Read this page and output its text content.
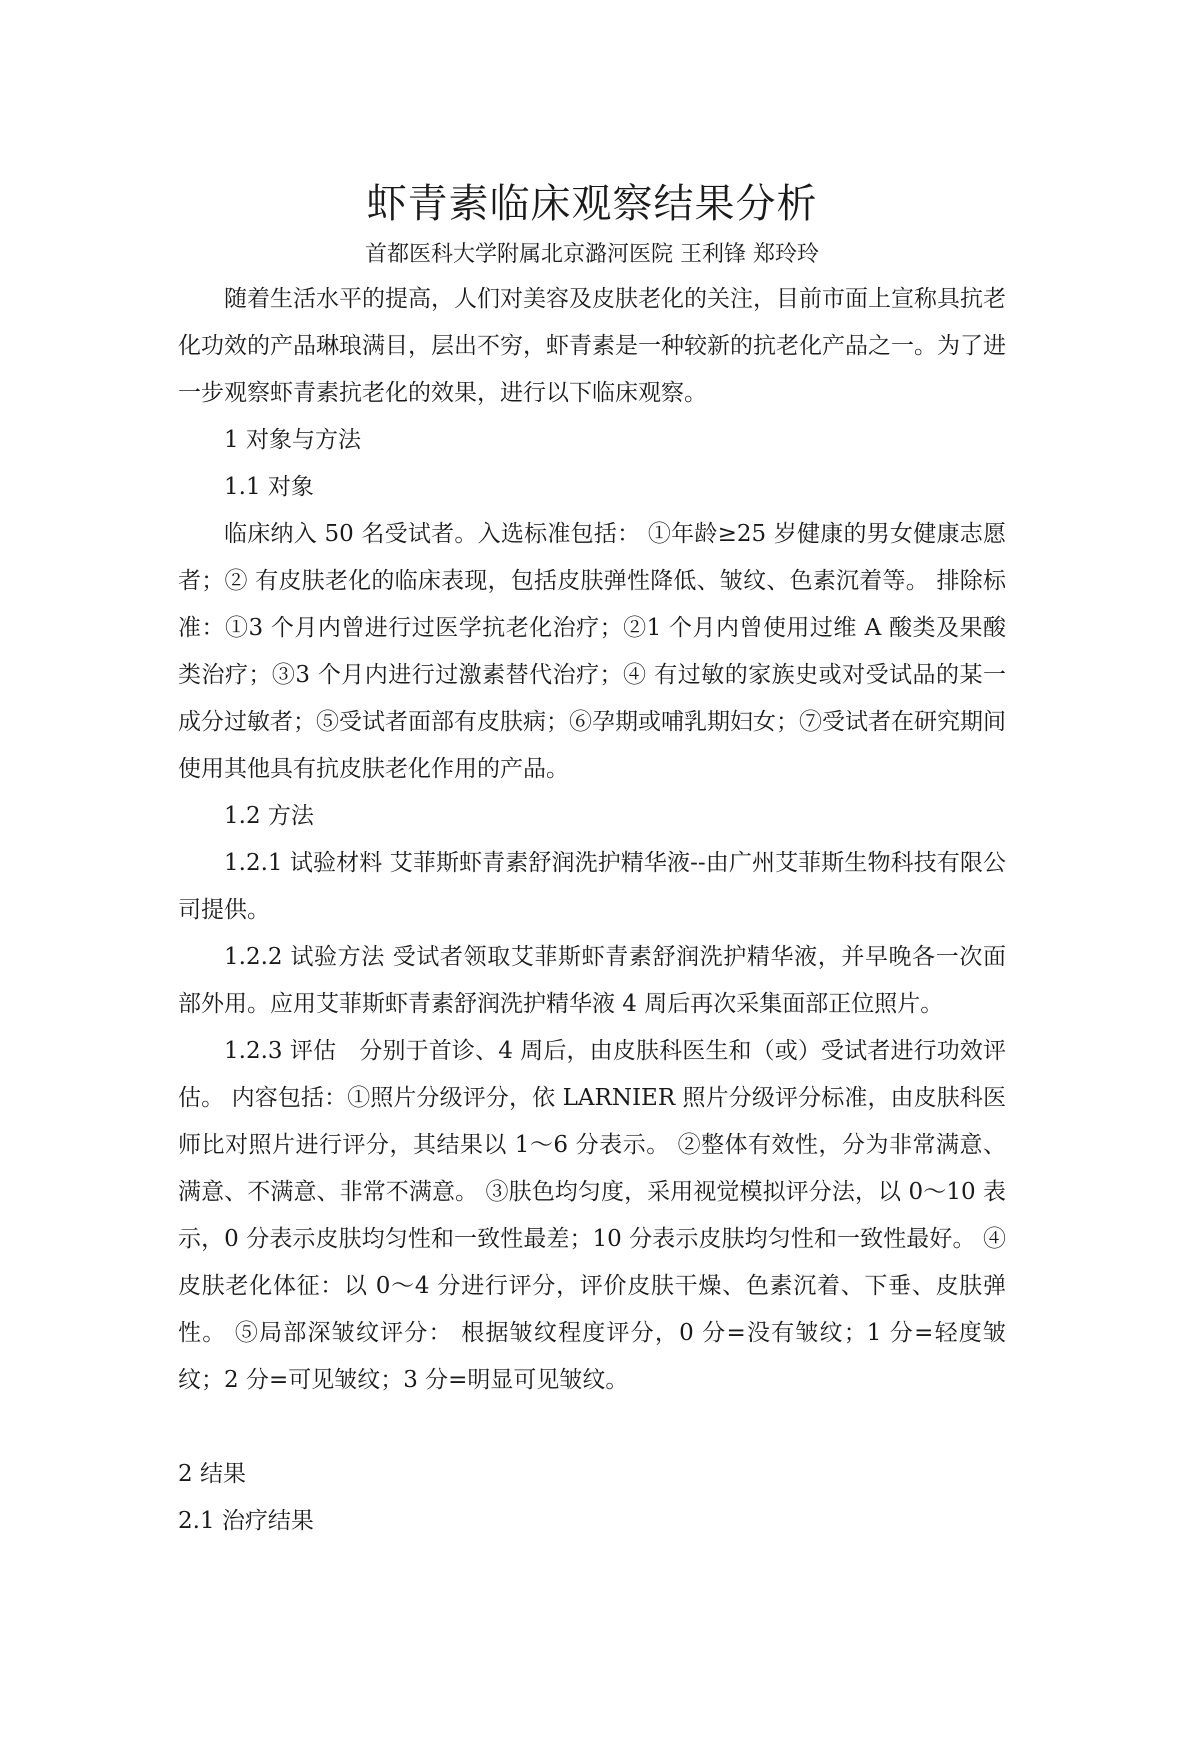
虾青素临床观察结果分析
首都医科大学附属北京潞河医院 王利锋 郑玲玲

随着生活水平的提高，人们对美容及皮肤老化的关注，目前市面上宣称具抗老化功效的产品琳琅满目，层出不穷，虾青素是一种较新的抗老化产品之一。为了进一步观察虾青素抗老化的效果，进行以下临床观察。

1 对象与方法

1.1 对象

临床纳入 50 名受试者。入选标准包括： ①年龄≥25 岁健康的男女健康志愿者；② 有皮肤老化的临床表现，包括皮肤弹性降低、皱纹、色素沉着等。 排除标准：①3 个月内曾进行过医学抗老化治疗；②1 个月内曾使用过维 A 酸类及果酸类治疗；③3 个月内进行过激素替代治疗；④ 有过敏的家族史或对受试品的某一成分过敏者；⑤受试者面部有皮肤病；⑥孕期或哺乳期妇女；⑦受试者在研究期间使用其他具有抗皮肤老化作用的产品。

1.2 方法

1.2.1 试验材料 艾菲斯虾青素舒润洗护精华液--由广州艾菲斯生物科技有限公司提供。

1.2.2 试验方法 受试者领取艾菲斯虾青素舒润洗护精华液，并早晚各一次面部外用。应用艾菲斯虾青素舒润洗护精华液 4 周后再次采集面部正位照片。

1.2.3 评估　分别于首诊、4 周后，由皮肤科医生和（或）受试者进行功效评估。 内容包括：①照片分级评分，依 LARNIER 照片分级评分标准，由皮肤科医师比对照片进行评分，其结果以 1～6 分表示。 ②整体有效性，分为非常满意、满意、不满意、非常不满意。 ③肤色均匀度，采用视觉模拟评分法，以 0～10 表示，0 分表示皮肤均匀性和一致性最差；10 分表示皮肤均匀性和一致性最好。 ④皮肤老化体征：以 0～4 分进行评分，评价皮肤干燥、色素沉着、下垂、皮肤弹性。 ⑤局部深皱纹评分： 根据皱纹程度评分，0 分=没有皱纹；1 分=轻度皱纹；2 分=可见皱纹；3 分=明显可见皱纹。

2 结果

2.1 治疗结果
